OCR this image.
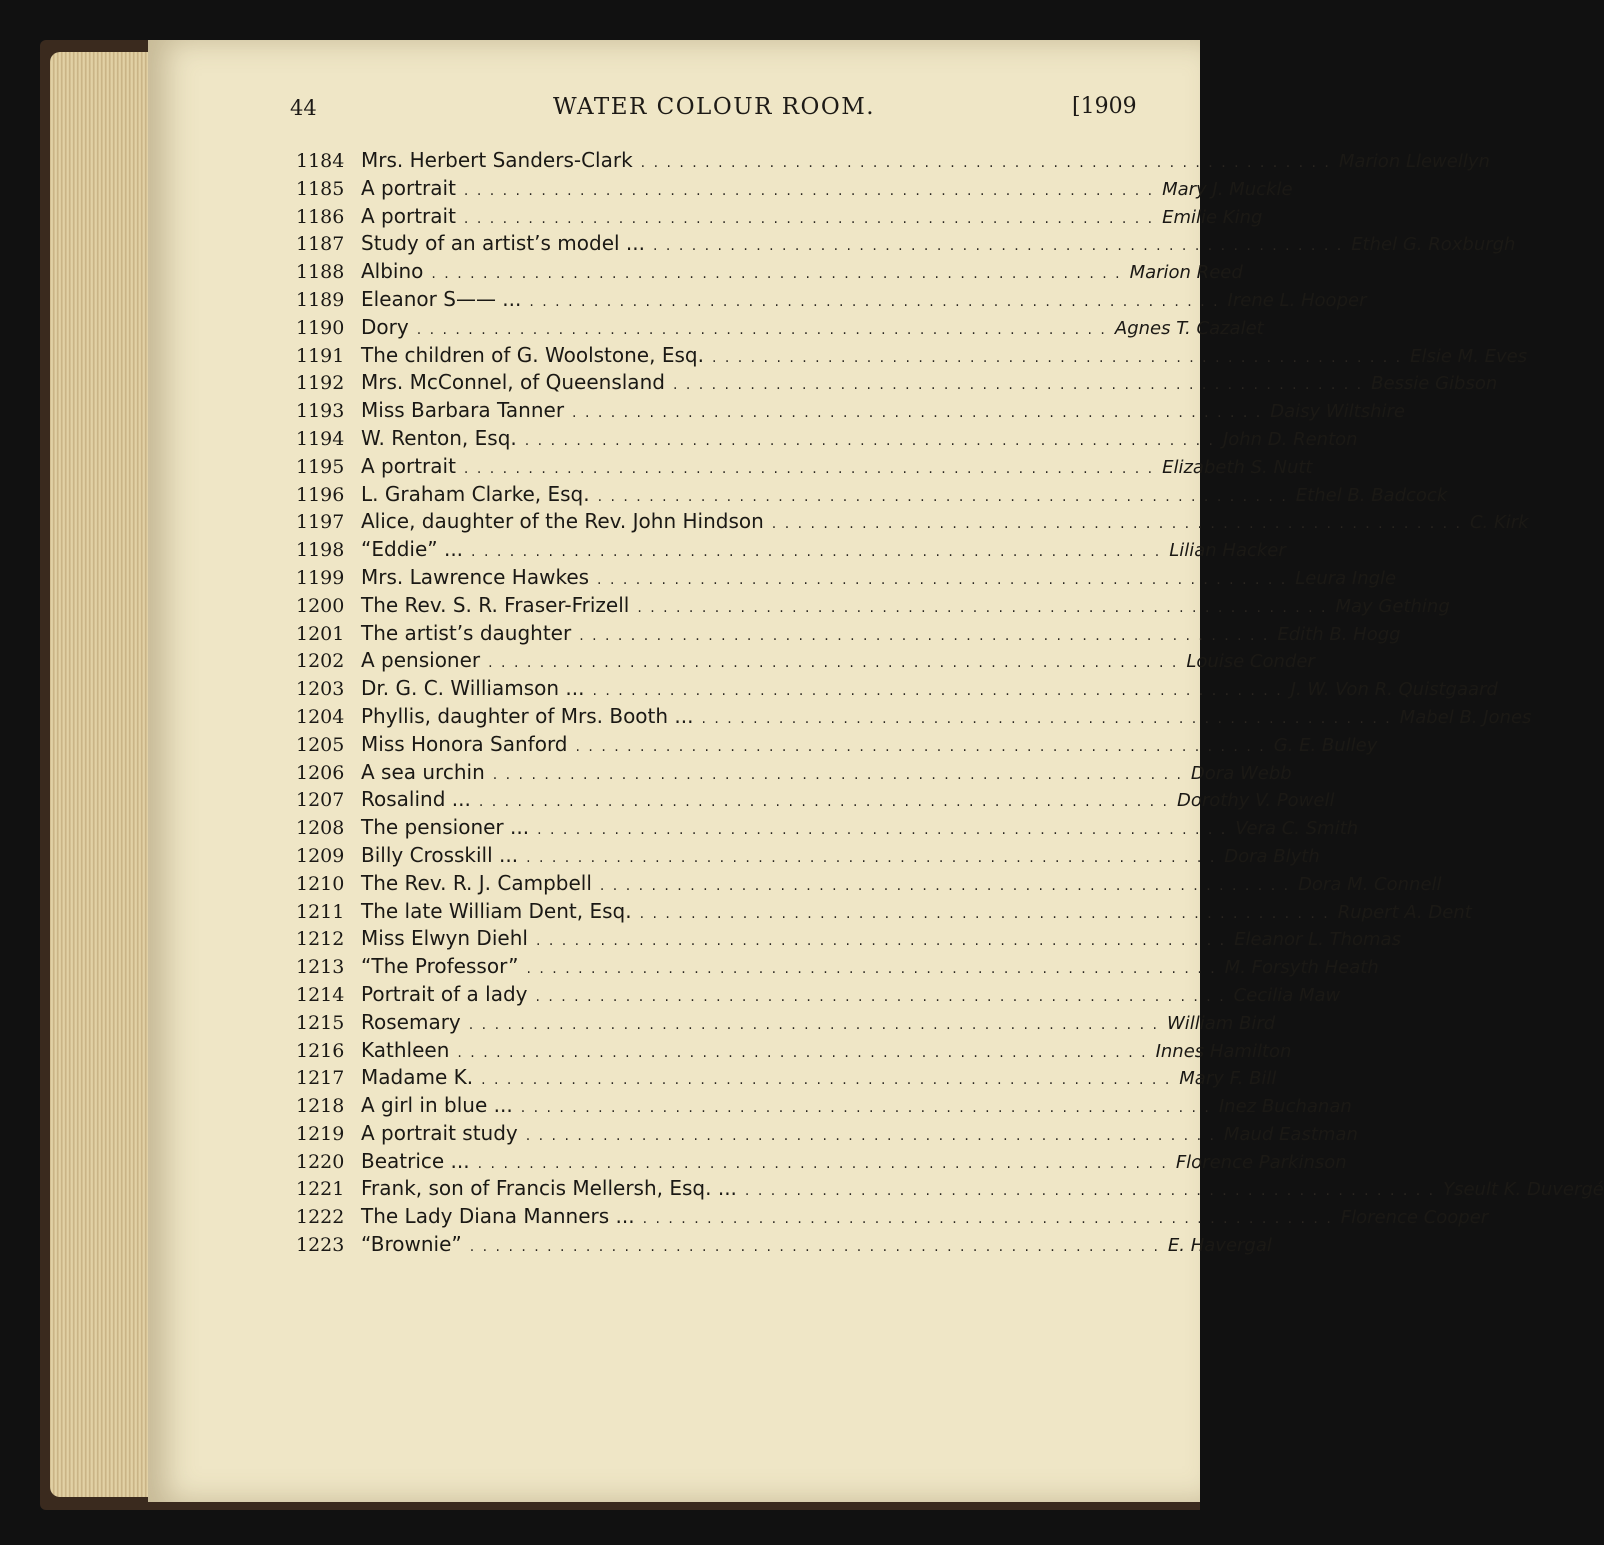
44	WATER COLOUR ROOM.	[1909
1184 Mrs. Herbert Sanders-Clark . . . . . . . . . . . . . . . . . . . . . . . . . . . . . . . . . . . . . . . . . . . . . . . . . . . . . . Marion Llewellyn
1185 A portrait . . . . . . . . . . . . . . . . . . . . . . . . . . . . . . . . . . . . . . . . . . . . . . . . . . . . . . Mary J. Muckle
1186 A portrait . . . . . . . . . . . . . . . . . . . . . . . . . . . . . . . . . . . . . . . . . . . . . . . . . . . . . . Emilie King
1187 Study of an artist’s model ... . . . . . . . . . . . . . . . . . . . . . . . . . . . . . . . . . . . . . . . . . . . . . . . . . . . . . . Ethel G. Roxburgh
1188 Albino . . . . . . . . . . . . . . . . . . . . . . . . . . . . . . . . . . . . . . . . . . . . . . . . . . . . . . Marion Reed
1189 Eleanor S—— ... . . . . . . . . . . . . . . . . . . . . . . . . . . . . . . . . . . . . . . . . . . . . . . . . . . . . . . Irene L. Hooper
1190 Dory . . . . . . . . . . . . . . . . . . . . . . . . . . . . . . . . . . . . . . . . . . . . . . . . . . . . . . Agnes T. Cazalet
1191 The children of G. Woolstone, Esq. . . . . . . . . . . . . . . . . . . . . . . . . . . . . . . . . . . . . . . . . . . . . . . . . . . . . . . Elsie M. Eves
1192 Mrs. McConnel, of Queensland . . . . . . . . . . . . . . . . . . . . . . . . . . . . . . . . . . . . . . . . . . . . . . . . . . . . . . Bessie Gibson
1193 Miss Barbara Tanner . . . . . . . . . . . . . . . . . . . . . . . . . . . . . . . . . . . . . . . . . . . . . . . . . . . . . . Daisy Wiltshire
1194 W. Renton, Esq. . . . . . . . . . . . . . . . . . . . . . . . . . . . . . . . . . . . . . . . . . . . . . . . . . . . . . . John D. Renton
1195 A portrait . . . . . . . . . . . . . . . . . . . . . . . . . . . . . . . . . . . . . . . . . . . . . . . . . . . . . . Elizabeth S. Nutt
1196 L. Graham Clarke, Esq. . . . . . . . . . . . . . . . . . . . . . . . . . . . . . . . . . . . . . . . . . . . . . . . . . . . . . . Ethel B. Badcock
1197 Alice, daughter of the Rev. John Hindson . . . . . . . . . . . . . . . . . . . . . . . . . . . . . . . . . . . . . . . . . . . . . . . . . . . . . . C. Kirk
1198 “Eddie” ... . . . . . . . . . . . . . . . . . . . . . . . . . . . . . . . . . . . . . . . . . . . . . . . . . . . . . . Lilian Hacker
1199 Mrs. Lawrence Hawkes . . . . . . . . . . . . . . . . . . . . . . . . . . . . . . . . . . . . . . . . . . . . . . . . . . . . . . Leura Ingle
1200 The Rev. S. R. Fraser-Frizell . . . . . . . . . . . . . . . . . . . . . . . . . . . . . . . . . . . . . . . . . . . . . . . . . . . . . . May Gething
1201 The artist’s daughter . . . . . . . . . . . . . . . . . . . . . . . . . . . . . . . . . . . . . . . . . . . . . . . . . . . . . . Edith B. Hogg
1202 A pensioner . . . . . . . . . . . . . . . . . . . . . . . . . . . . . . . . . . . . . . . . . . . . . . . . . . . . . . Louise Conder
1203 Dr. G. C. Williamson ... . . . . . . . . . . . . . . . . . . . . . . . . . . . . . . . . . . . . . . . . . . . . . . . . . . . . . . J. W. Von R. Quistgaard
1204 Phyllis, daughter of Mrs. Booth ... . . . . . . . . . . . . . . . . . . . . . . . . . . . . . . . . . . . . . . . . . . . . . . . . . . . . . . Mabel B. Jones
1205 Miss Honora Sanford . . . . . . . . . . . . . . . . . . . . . . . . . . . . . . . . . . . . . . . . . . . . . . . . . . . . . . G. E. Bulley
1206 A sea urchin . . . . . . . . . . . . . . . . . . . . . . . . . . . . . . . . . . . . . . . . . . . . . . . . . . . . . . Dora Webb
1207 Rosalind ... . . . . . . . . . . . . . . . . . . . . . . . . . . . . . . . . . . . . . . . . . . . . . . . . . . . . . . Dorothy V. Powell
1208 The pensioner ... . . . . . . . . . . . . . . . . . . . . . . . . . . . . . . . . . . . . . . . . . . . . . . . . . . . . . . Vera C. Smith
1209 Billy Crosskill ... . . . . . . . . . . . . . . . . . . . . . . . . . . . . . . . . . . . . . . . . . . . . . . . . . . . . . . Dora Blyth
1210 The Rev. R. J. Campbell . . . . . . . . . . . . . . . . . . . . . . . . . . . . . . . . . . . . . . . . . . . . . . . . . . . . . . Dora M. Connell
1211 The late William Dent, Esq. . . . . . . . . . . . . . . . . . . . . . . . . . . . . . . . . . . . . . . . . . . . . . . . . . . . . . . Rupert A. Dent
1212 Miss Elwyn Diehl . . . . . . . . . . . . . . . . . . . . . . . . . . . . . . . . . . . . . . . . . . . . . . . . . . . . . . Eleanor L. Thomas
1213 “The Professor” . . . . . . . . . . . . . . . . . . . . . . . . . . . . . . . . . . . . . . . . . . . . . . . . . . . . . . M. Forsyth Heath
1214 Portrait of a lady . . . . . . . . . . . . . . . . . . . . . . . . . . . . . . . . . . . . . . . . . . . . . . . . . . . . . . Cecilia Maw
1215 Rosemary . . . . . . . . . . . . . . . . . . . . . . . . . . . . . . . . . . . . . . . . . . . . . . . . . . . . . . William Bird
1216 Kathleen . . . . . . . . . . . . . . . . . . . . . . . . . . . . . . . . . . . . . . . . . . . . . . . . . . . . . . Innes Hamilton
1217 Madame K. . . . . . . . . . . . . . . . . . . . . . . . . . . . . . . . . . . . . . . . . . . . . . . . . . . . . . . Mary F. Bill
1218 A girl in blue ... . . . . . . . . . . . . . . . . . . . . . . . . . . . . . . . . . . . . . . . . . . . . . . . . . . . . . . Inez Buchanan
1219 A portrait study . . . . . . . . . . . . . . . . . . . . . . . . . . . . . . . . . . . . . . . . . . . . . . . . . . . . . . Maud Eastman
1220 Beatrice ... . . . . . . . . . . . . . . . . . . . . . . . . . . . . . . . . . . . . . . . . . . . . . . . . . . . . . . Florence Parkinson
1221 Frank, son of Francis Mellersh, Esq. ... . . . . . . . . . . . . . . . . . . . . . . . . . . . . . . . . . . . . . . . . . . . . . . . . . . . . . . Yseult K. Duvergé
1222 The Lady Diana Manners ... . . . . . . . . . . . . . . . . . . . . . . . . . . . . . . . . . . . . . . . . . . . . . . . . . . . . . . Florence Cooper
1223 “Brownie” . . . . . . . . . . . . . . . . . . . . . . . . . . . . . . . . . . . . . . . . . . . . . . . . . . . . . . E. Havergal
